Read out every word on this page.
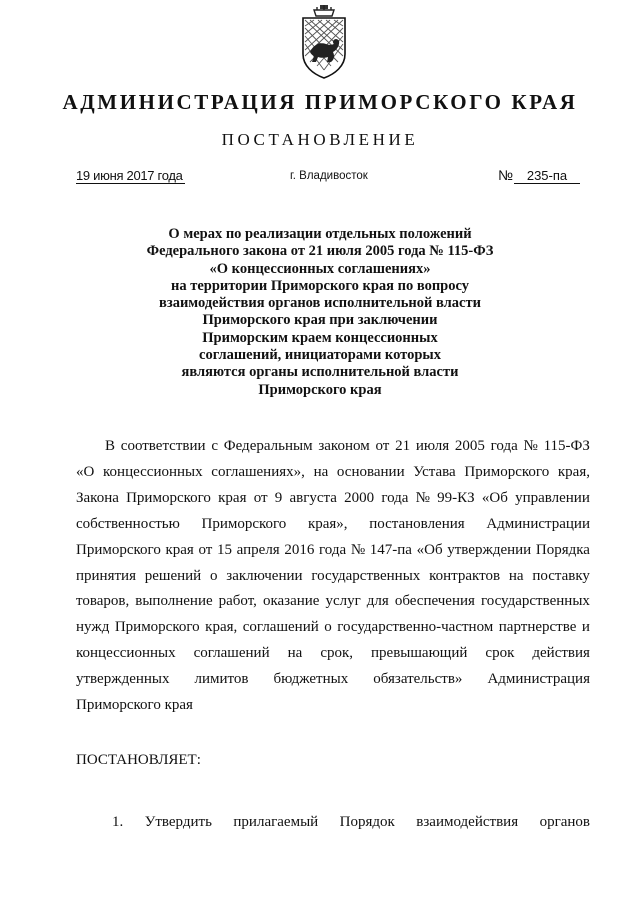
АДМИНИСТРАЦИЯ ПРИМОРСКОГО КРАЯ
ПОСТАНОВЛЕНИЕ
19 июня 2017 года	г. Владивосток	№	235-па
О мерах по реализации отдельных положений
Федерального закона от 21 июля 2005 года № 115-ФЗ
«О концессионных соглашениях»
на территории Приморского края по вопросу
взаимодействия органов исполнительной власти
Приморского края при заключении
Приморским краем концессионных
соглашений, инициаторами которых
являются органы исполнительной власти
Приморского края
В соответствии с Федеральным законом от 21 июля 2005 года № 115-ФЗ
«О концессионных соглашениях», на основании Устава Приморского края,
Закона Приморского края от 9 августа 2000 года № 99-КЗ «Об управлении
собственностью Приморского края», постановления Администрации
Приморского края от 15 апреля 2016 года № 147-па «Об утверждении Порядка
принятия решений о заключении государственных контрактов на поставку
товаров, выполнение работ, оказание услуг для обеспечения государственных
нужд Приморского края, соглашений о государственно-частном партнерстве и
концессионных соглашений на срок, превышающий срок действия
утвержденных лимитов бюджетных обязательств» Администрация
Приморского края
ПОСТАНОВЛЯЕТ:
1. Утвердить прилагаемый Порядок взаимодействия органов
